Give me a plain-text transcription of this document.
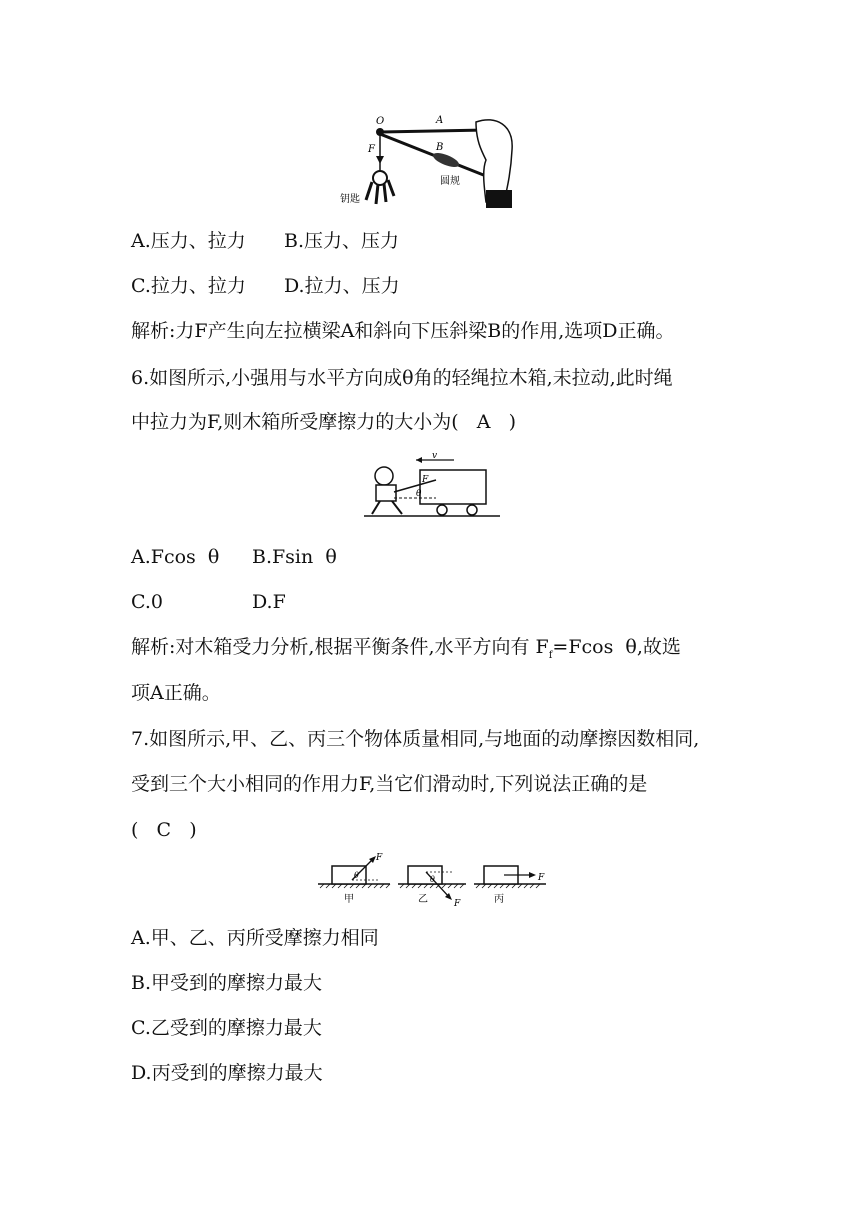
O	A
B
F
钥匙
圆规
A.压力、拉力 B.压力、压力
C.拉力、拉力 D.拉力、压力
解析:力F产生向左拉横梁A和斜向下压斜梁B的作用,选项D正确。
6.如图所示,小强用与水平方向成θ角的轻绳拉木箱,未拉动,此时绳
中拉力为F,则木箱所受摩擦力的大小为(   A   )
v
F
θ
A.Fcos  θ B.Fsin  θ
C.0	D.F
解析:对木箱受力分析,根据平衡条件,水平方向有 $F_f=Fcos$  θ,故选
项A正确。
7.如图所示,甲、乙、丙三个物体质量相同,与地面的动摩擦因数相同,
受到三个大小相同的作用力F,当它们滑动时,下列说法正确的是
(   C   )
F
θ
F
θ	F
甲	乙	丙
A.甲、乙、丙所受摩擦力相同
B.甲受到的摩擦力最大
C.乙受到的摩擦力最大
D.丙受到的摩擦力最大
